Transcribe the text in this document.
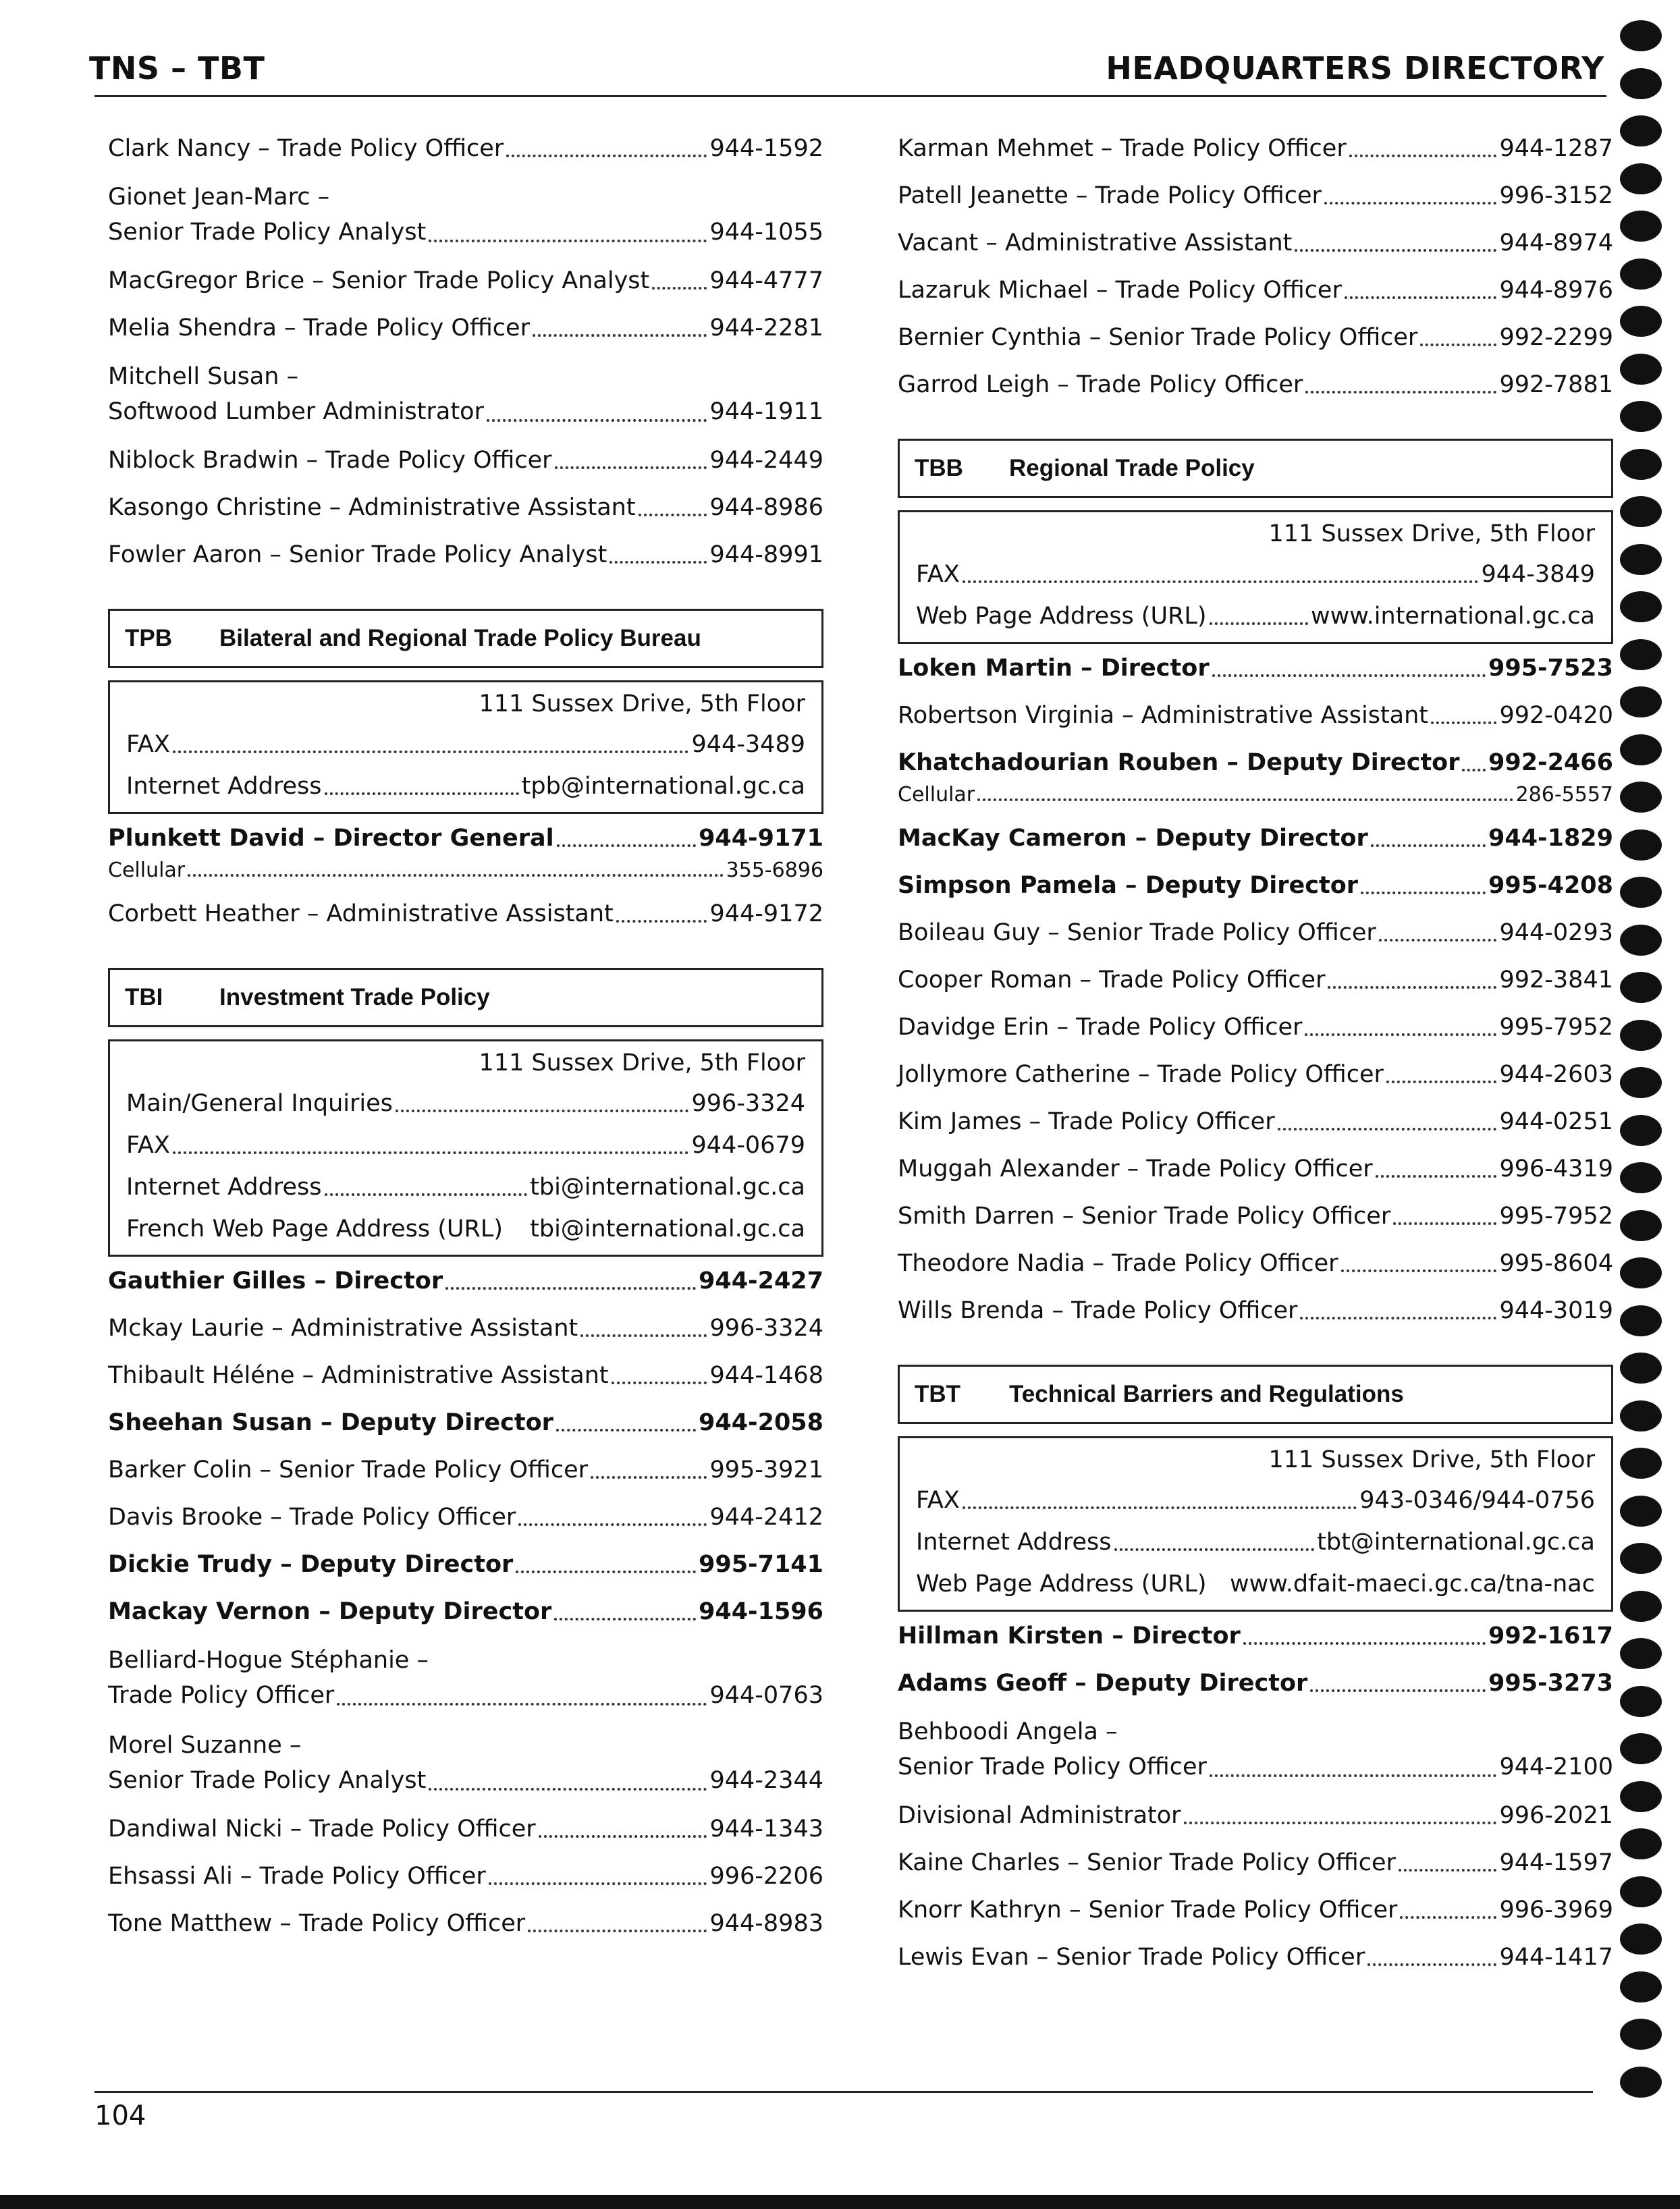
TNS – TBT	HEADQUARTERS DIRECTORY
Clark Nancy – Trade Policy Officer	944-1592
Gionet Jean-Marc –
Senior Trade Policy Analyst	944-1055
MacGregor Brice – Senior Trade Policy Analyst	944-4777
Melia Shendra – Trade Policy Officer	944-2281
Mitchell Susan –
Softwood Lumber Administrator	944-1911
Niblock Bradwin – Trade Policy Officer	944-2449
Kasongo Christine – Administrative Assistant	944-8986
Fowler Aaron – Senior Trade Policy Analyst	944-8991
TPB	Bilateral and Regional Trade Policy Bureau
111 Sussex Drive, 5th Floor
FAX	944-3489
Internet Address	tpb@international.gc.ca
Plunkett David – Director General	944-9171
Cellular	355-6896
Corbett Heather – Administrative Assistant	944-9172
TBI	Investment Trade Policy
111 Sussex Drive, 5th Floor
Main/General Inquiries	996-3324
FAX	944-0679
Internet Address	tbi@international.gc.ca
French Web Page Address (URL) tbi@international.gc.ca
Gauthier Gilles – Director	944-2427
Mckay Laurie – Administrative Assistant	996-3324
Thibault Héléne – Administrative Assistant	944-1468
Sheehan Susan – Deputy Director	944-2058
Barker Colin – Senior Trade Policy Officer	995-3921
Davis Brooke – Trade Policy Officer	944-2412
Dickie Trudy – Deputy Director	995-7141
Mackay Vernon – Deputy Director	944-1596
Belliard-Hogue Stéphanie –
Trade Policy Officer	944-0763
Morel Suzanne –
Senior Trade Policy Analyst	944-2344
Dandiwal Nicki – Trade Policy Officer	944-1343
Ehsassi Ali – Trade Policy Officer	996-2206
Tone Matthew – Trade Policy Officer	944-8983
Karman Mehmet – Trade Policy Officer	944-1287
Patell Jeanette – Trade Policy Officer	996-3152
Vacant – Administrative Assistant	944-8974
Lazaruk Michael – Trade Policy Officer	944-8976
Bernier Cynthia – Senior Trade Policy Officer	992-2299
Garrod Leigh – Trade Policy Officer	992-7881
TBB	Regional Trade Policy
111 Sussex Drive, 5th Floor
FAX	944-3849
Web Page Address (URL)	www.international.gc.ca
Loken Martin – Director	995-7523
Robertson Virginia – Administrative Assistant	992-0420
Khatchadourian Rouben – Deputy Director 992-2466
Cellular	286-5557
MacKay Cameron – Deputy Director	944-1829
Simpson Pamela – Deputy Director	995-4208
Boileau Guy – Senior Trade Policy Officer	944-0293
Cooper Roman – Trade Policy Officer	992-3841
Davidge Erin – Trade Policy Officer	995-7952
Jollymore Catherine – Trade Policy Officer	944-2603
Kim James – Trade Policy Officer	944-0251
Muggah Alexander – Trade Policy Officer	996-4319
Smith Darren – Senior Trade Policy Officer	995-7952
Theodore Nadia – Trade Policy Officer	995-8604
Wills Brenda – Trade Policy Officer	944-3019
TBT	Technical Barriers and Regulations
111 Sussex Drive, 5th Floor
FAX	943-0346/944-0756
Internet Address	tbt@international.gc.ca
Web Page Address (URL) www.dfait-maeci.gc.ca/tna-nac
Hillman Kirsten – Director	992-1617
Adams Geoff – Deputy Director	995-3273
Behboodi Angela –
Senior Trade Policy Officer	944-2100
Divisional Administrator	996-2021
Kaine Charles – Senior Trade Policy Officer	944-1597
Knorr Kathryn – Senior Trade Policy Officer	996-3969
Lewis Evan – Senior Trade Policy Officer	944-1417
104
